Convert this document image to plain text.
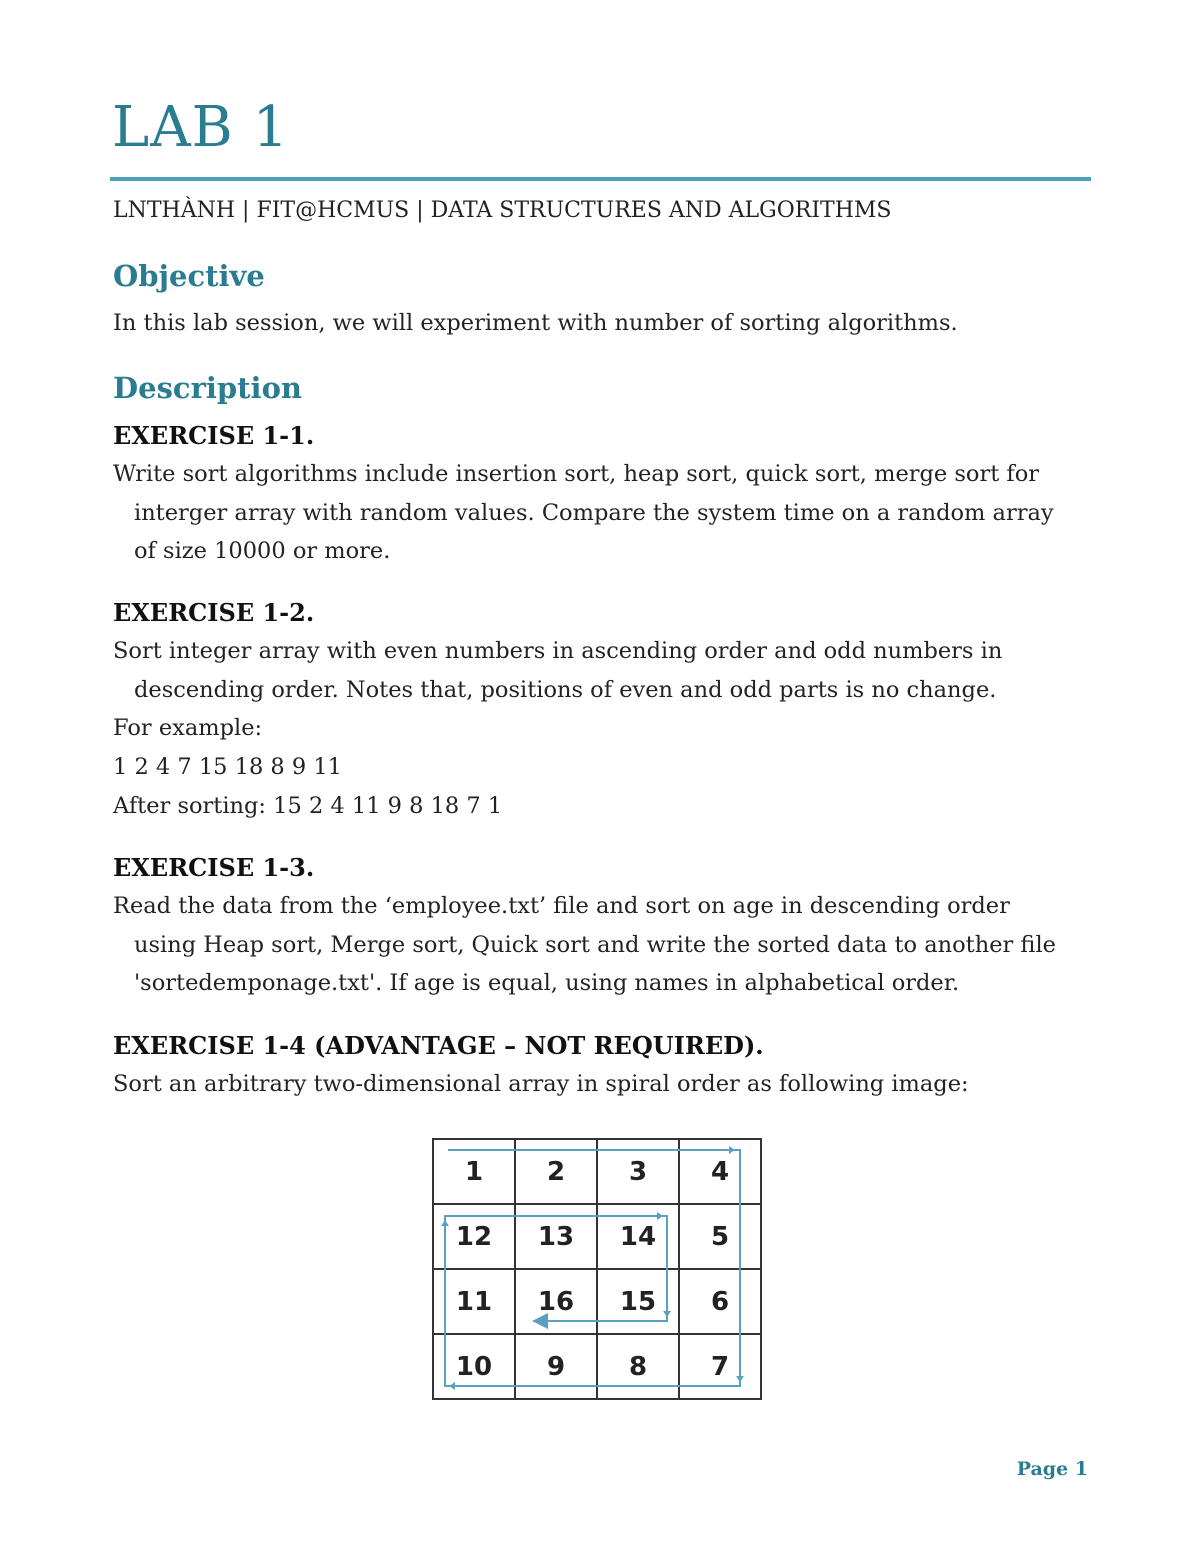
LAB 1
LNTHÀNH | FIT@HCMUS | DATA STRUCTURES AND ALGORITHMS
Objective

In this lab session, we will experiment with number of sorting algorithms.

Description
EXERCISE 1-1.

Write sort algorithms include insertion sort, heap sort, quick sort, merge sort for interger array with random values. Compare the system time on a random array of size 10000 or more.

EXERCISE 1-2.

Sort integer array with even numbers in ascending order and odd numbers in descending order. Notes that, positions of even and odd parts is no change.

For example:

1 2 4 7 15 18 8 9 11

After sorting: 15 2 4 11 9 8 18 7 1

EXERCISE 1-3.

Read the data from the ‘employee.txt’ file and sort on age in descending order using Heap sort, Merge sort, Quick sort and write the sorted data to another file 'sortedemponage.txt'. If age is equal, using names in alphabetical order.

EXERCISE 1-4 (ADVANTAGE – NOT REQUIRED).

Sort an arbitrary two-dimensional array in spiral order as following image:

1	2	3	4
12	13	14	5
11	16	15	6
10	9	8	7
Page 1
